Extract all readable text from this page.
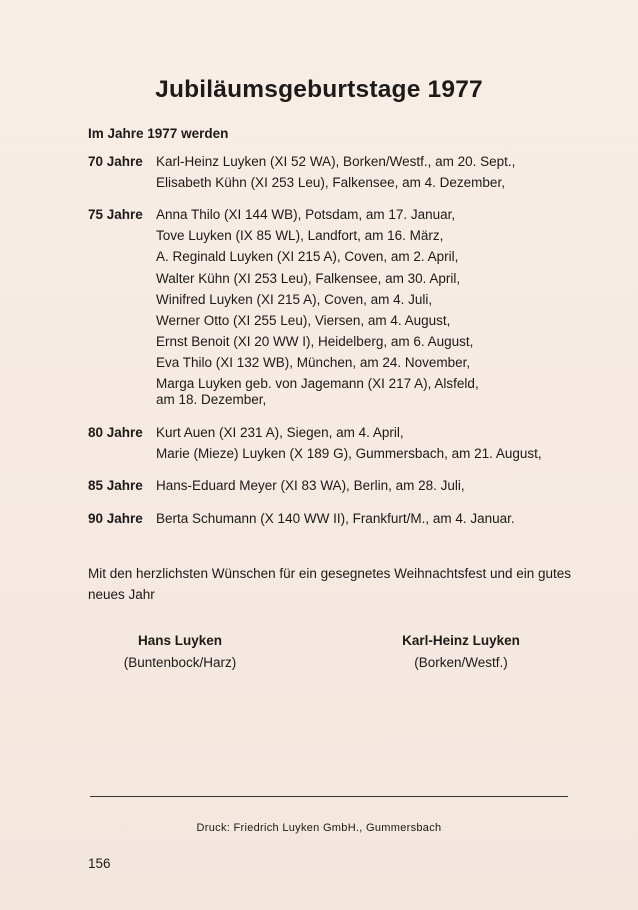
Jubiläumsgeburtstage 1977
Im Jahre 1977 werden
70 Jahre Karl-Heinz Luyken (XI 52 WA), Borken/Westf., am 20. Sept.,
Elisabeth Kühn (XI 253 Leu), Falkensee, am 4. Dezember,
75 Jahre Anna Thilo (XI 144 WB), Potsdam, am 17. Januar,
Tove Luyken (IX 85 WL), Landfort, am 16. März,
A. Reginald Luyken (XI 215 A), Coven, am 2. April,
Walter Kühn (XI 253 Leu), Falkensee, am 30. April,
Winifred Luyken (XI 215 A), Coven, am 4. Juli,
Werner Otto (XI 255 Leu), Viersen, am 4. August,
Ernst Benoit (XI 20 WW I), Heidelberg, am 6. August,
Eva Thilo (XI 132 WB), München, am 24. November,
Marga Luyken geb. von Jagemann (XI 217 A), Alsfeld, am 18. Dezember,
80 Jahre Kurt Auen (XI 231 A), Siegen, am 4. April,
Marie (Mieze) Luyken (X 189 G), Gummersbach, am 21. August,
85 Jahre Hans-Eduard Meyer (XI 83 WA), Berlin, am 28. Juli,
90 Jahre Berta Schumann (X 140 WW II), Frankfurt/M., am 4. Januar.
Mit den herzlichsten Wünschen für ein gesegnetes Weihnachtsfest und ein gutes neues Jahr
Hans Luyken
(Buntenbock/Harz)
Karl-Heinz Luyken
(Borken/Westf.)
Druck: Friedrich Luyken GmbH., Gummersbach
156
